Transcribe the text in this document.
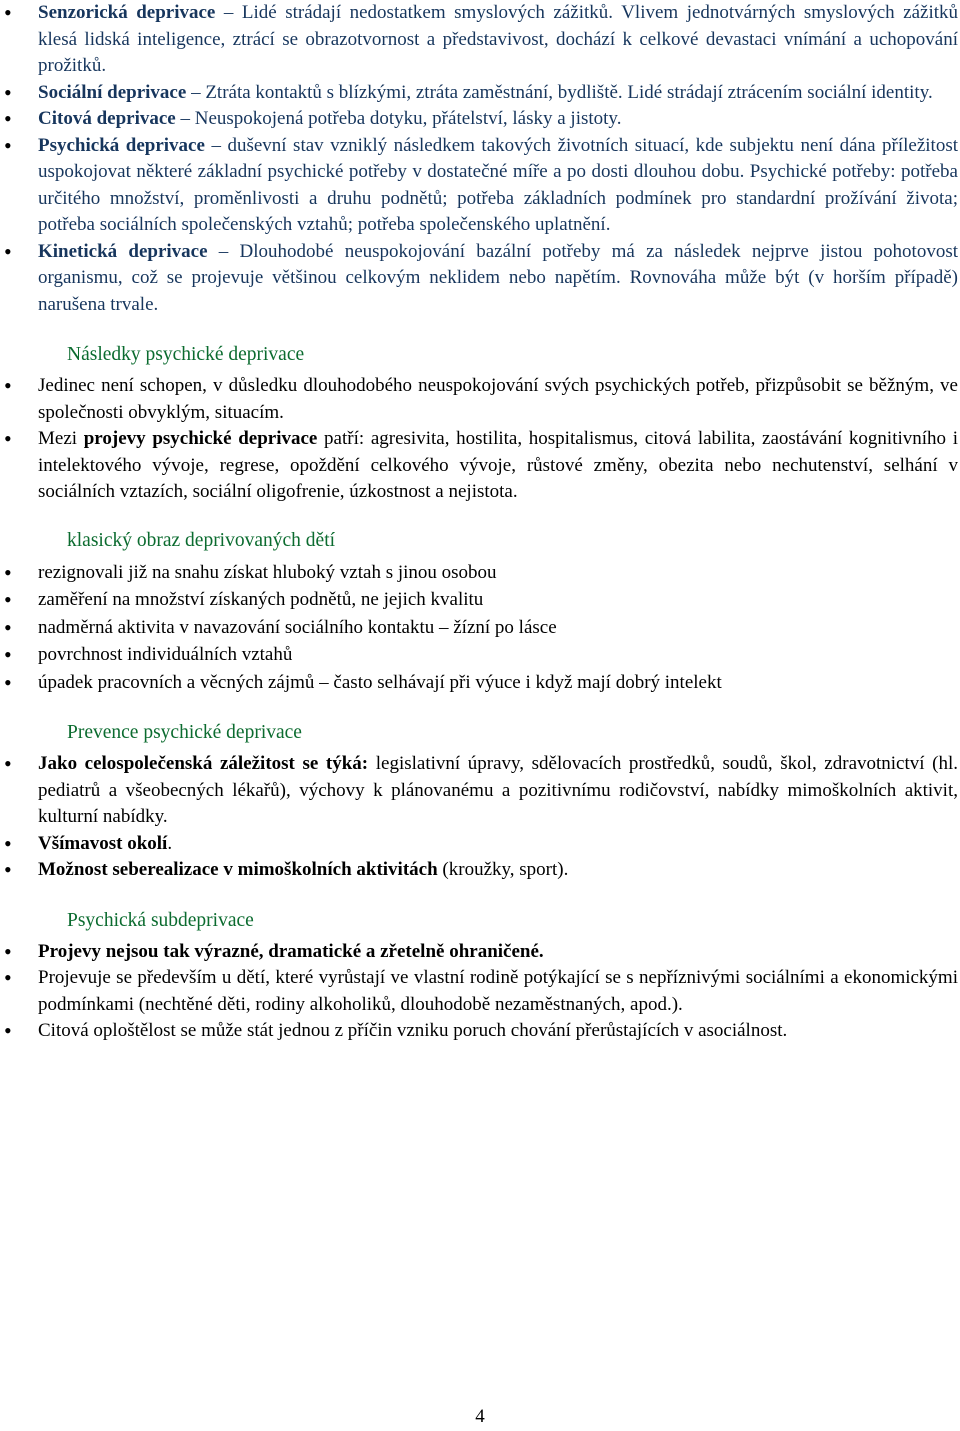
• Senzorická deprivace – Lidé strádají nedostatkem smyslových zážitků. Vlivem jednotvárných smyslových zážitků klesá lidská inteligence, ztrácí se obrazotvornost a představivost, dochází k celkové devastaci vnímání a uchopování prožitků.
• Sociální deprivace – Ztráta kontaktů s blízkými, ztráta zaměstnání, bydliště. Lidé strádají ztrácením sociální identity.
• Citová deprivace – Neuspokojená potřeba dotyku, přátelství, lásky a jistoty.
• Psychická deprivace – duševní stav vzniklý následkem takových životních situací, kde subjektu není dána příležitost uspokojovat některé základní psychické potřeby v dostatečné míře a po dosti dlouhou dobu. Psychické potřeby: potřeba určitého množství, proměnlivosti a druhu podnětů; potřeba základních podmínek pro standardní prožívání života; potřeba sociálních společenských vztahů; potřeba společenského uplatnění.
• Kinetická deprivace – Dlouhodobé neuspokojování bazální potřeby má za následek nejprve jistou pohotovost organismu, což se projevuje většinou celkovým neklidem nebo napětím. Rovnováha může být (v horším případě) narušena trvale.
Následky psychické deprivace
• Jedinec není schopen, v důsledku dlouhodobého neuspokojování svých psychických potřeb, přizpůsobit se běžným, ve společnosti obvyklým, situacím.
• Mezi projevy psychické deprivace patří: agresivita, hostilita, hospitalismus, citová labilita, zaostávání kognitivního i intelektového vývoje, regrese, opoždění celkového vývoje, růstové změny, obezita nebo nechutenství, selhání v sociálních vztazích, sociální oligofrenie, úzkostnost a nejistota.
klasický obraz deprivovaných dětí
• rezignovali již na snahu získat hluboký vztah s jinou osobou
• zaměření na množství získaných podnětů, ne jejich kvalitu
• nadměrná aktivita v navazování sociálního kontaktu – žízní po lásce
• povrchnost individuálních vztahů
• úpadek pracovních a věcných zájmů – často selhávají při výuce i když mají dobrý intelekt
Prevence psychické deprivace
• Jako celospolečenská záležitost se týká: legislativní úpravy, sdělovacích prostředků, soudů, škol, zdravotnictví (hl. pediatrů a všeobecných lékařů), výchovy k plánovanému a pozitivnímu rodičovství, nabídky mimoškolních aktivit, kulturní nabídky.
• Všímavost okolí.
• Možnost seberealizace v mimoškolních aktivitách (kroužky, sport).
Psychická subdeprivace
• Projevy nejsou tak výrazné, dramatické a zřetelně ohraničené.
• Projevuje se především u dětí, které vyrůstají ve vlastní rodině potýkající se s nepříznivými sociálními a ekonomickými podmínkami (nechtěné děti, rodiny alkoholiků, dlouhodobě nezaměstnaných, apod.).
• Citová oploštělost se může stát jednou z příčin vzniku poruch chování přerůstajících v asociálnost.
4
